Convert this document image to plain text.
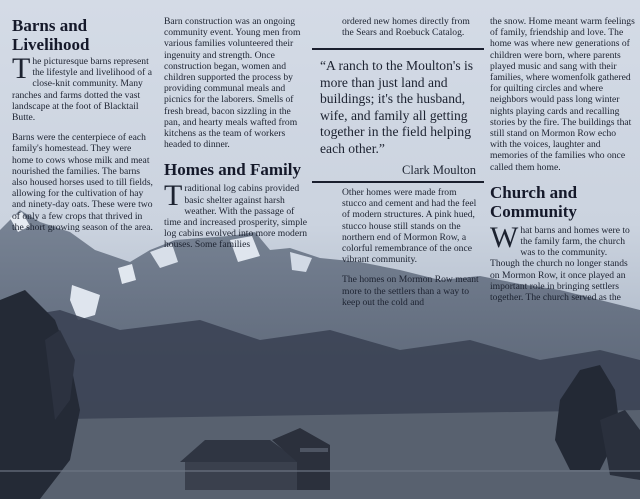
Barns and Livelihood

The picturesque barns represent the lifestyle and livelihood of a close-knit community. Many ranches and farms dotted the vast landscape at the foot of Blacktail Butte.

Barns were the centerpiece of each family's homestead. They were home to cows whose milk and meat nourished the families. The barns also housed horses used to till fields, allowing for the cultivation of hay and ninety-day oats. These were two of only a few crops that thrived in the short growing season of the area.

Barn construction was an ongoing community event. Young men from various families volunteered their ingenuity and strength. Once construction began, women and children supported the process by providing communal meals and picnics for the laborers. Smells of fresh bread, bacon sizzling in the pan, and hearty meals wafted from kitchens as the team of workers headed to dinner.

Homes and Family

Traditional log cabins provided basic shelter against harsh weather. With the passage of time and increased prosperity, simple log cabins evolved into more modern houses. Some families

ordered new homes directly from the Sears and Roebuck Catalog.

“A ranch to the Moulton's is more than just land and buildings; it's the husband, wife, and family all getting together in the field helping each other.”
Clark Moulton

Other homes were made from stucco and cement and had the feel of modern structures. A pink hued, stucco house still stands on the northern end of Mormon Row, a colorful remembrance of the once vibrant community.

The homes on Mormon Row meant more to the settlers than a way to keep out the cold and

the snow. Home meant warm feelings of family, friendship and love. The home was where new generations of children were born, where parents played music and sang with their families, where womenfolk gathered for quilting circles and where neighbors would pass long winter nights playing cards and recalling stories by the fire. The buildings that still stand on Mormon Row echo with the voices, laughter and memories of the families who once called them home.

Church and Community

What barns and homes were to the family farm, the church was to the community. Though the church no longer stands on Mormon Row, it once played an important role in bringing settlers together. The church served as the
